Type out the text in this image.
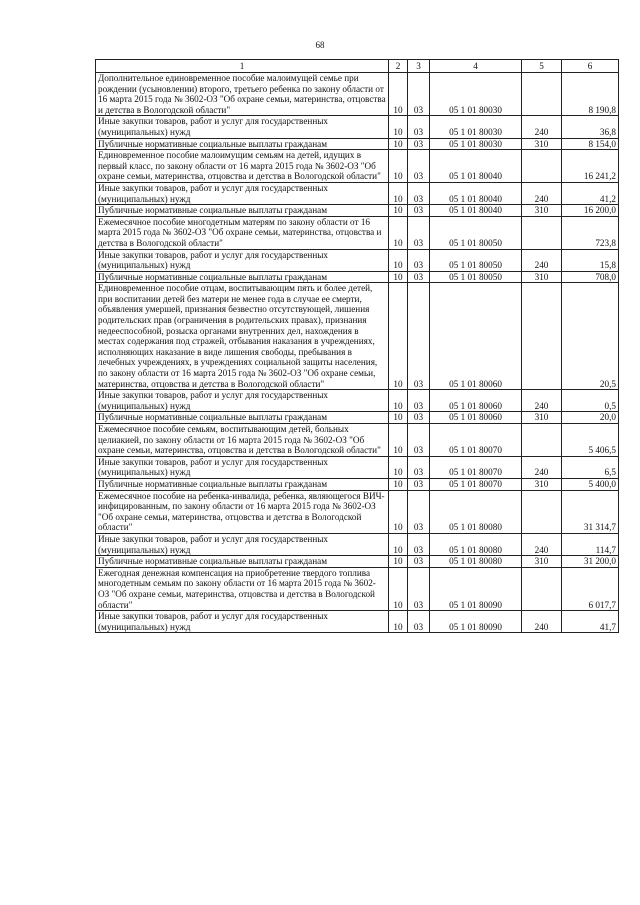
68
1	2	3	4	5	6
Дополнительное единовременное пособие малоимущей семье при рождении (усыновлении) второго, третьего ребенка по закону области от 16 марта 2015 года № 3602-ОЗ "Об охране семьи, материнства, отцовства и детства в Вологодской области"	10	03	05 1 01 80030		8 190,8
Иные закупки товаров, работ и услуг для государственных (муниципальных) нужд	10	03	05 1 01 80030	240	36,8
Публичные нормативные социальные выплаты гражданам	10	03	05 1 01 80030	310	8 154,0
Единовременное пособие малоимущим семьям на детей, идущих в первый класс, по закону области от 16 марта 2015 года № 3602-ОЗ "Об охране семьи, материнства, отцовства и детства в Вологодской области"	10	03	05 1 01 80040		16 241,2
Иные закупки товаров, работ и услуг для государственных (муниципальных) нужд	10	03	05 1 01 80040	240	41,2
Публичные нормативные социальные выплаты гражданам	10	03	05 1 01 80040	310	16 200,0
Ежемесячное пособие многодетным матерям по закону области от 16 марта 2015 года № 3602-ОЗ "Об охране семьи, материнства, отцовства и детства в Вологодской области"	10	03	05 1 01 80050		723,8
Иные закупки товаров, работ и услуг для государственных (муниципальных) нужд	10	03	05 1 01 80050	240	15,8
Публичные нормативные социальные выплаты гражданам	10	03	05 1 01 80050	310	708,0
Единовременное пособие отцам, воспитывающим пять и более детей, при воспитании детей без матери не менее года в случае ее смерти, объявления умершей, признания безвестно отсутствующей, лишения родительских прав (ограничения в родительских правах), признания недееспособной, розыска органами внутренних дел, нахождения в местах содержания под стражей, отбывания наказания в учреждениях, исполняющих наказание в виде лишения свободы, пребывания в лечебных учреждениях, в учреждениях социальной защиты населения, по закону области от 16 марта 2015 года № 3602-ОЗ "Об охране семьи, материнства, отцовства и детства в Вологодской области"	10	03	05 1 01 80060		20,5
Иные закупки товаров, работ и услуг для государственных (муниципальных) нужд	10	03	05 1 01 80060	240	0,5
Публичные нормативные социальные выплаты гражданам	10	03	05 1 01 80060	310	20,0
Ежемесячное пособие семьям, воспитывающим детей, больных целиакией, по закону области от 16 марта 2015 года № 3602-ОЗ "Об охране семьи, материнства, отцовства и детства в Вологодской области"	10	03	05 1 01 80070		5 406,5
Иные закупки товаров, работ и услуг для государственных (муниципальных) нужд	10	03	05 1 01 80070	240	6,5
Публичные нормативные социальные выплаты гражданам	10	03	05 1 01 80070	310	5 400,0
Ежемесячное пособие на ребенка-инвалида, ребенка, являющегося ВИЧ-инфицированным, по закону области от 16 марта 2015 года № 3602-ОЗ "Об охране семьи, материнства, отцовства и детства в Вологодской области"	10	03	05 1 01 80080		31 314,7
Иные закупки товаров, работ и услуг для государственных (муниципальных) нужд	10	03	05 1 01 80080	240	114,7
Публичные нормативные социальные выплаты гражданам	10	03	05 1 01 80080	310	31 200,0
Ежегодная денежная компенсация на приобретение твердого топлива многодетным семьям по закону области от 16 марта 2015 года № 3602-ОЗ "Об охране семьи, материнства, отцовства и детства в Вологодской области"	10	03	05 1 01 80090		6 017,7
Иные закупки товаров, работ и услуг для государственных (муниципальных) нужд	10	03	05 1 01 80090	240	41,7
